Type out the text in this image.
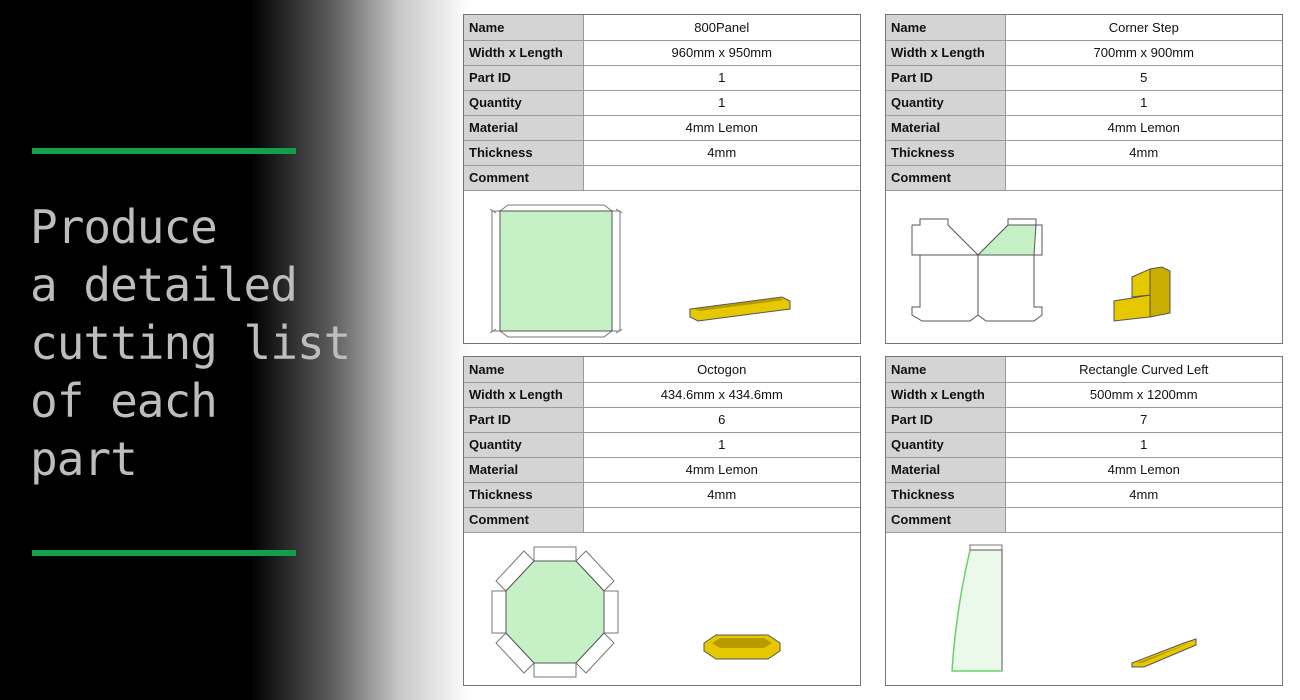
Produce
a detailed
cutting list
of each
part
Name	800Panel
Width x Length	960mm x 950mm
Part ID	1
Quantity	1
Material	4mm Lemon
Thickness	4mm
Comment	
Name	Corner Step
Width x Length	700mm x 900mm
Part ID	5
Quantity	1
Material	4mm Lemon
Thickness	4mm
Comment	
Name	Octogon
Width x Length	434.6mm x 434.6mm
Part ID	6
Quantity	1
Material	4mm Lemon
Thickness	4mm
Comment	
Name	Rectangle Curved Left
Width x Length	500mm x 1200mm
Part ID	7
Quantity	1
Material	4mm Lemon
Thickness	4mm
Comment	
